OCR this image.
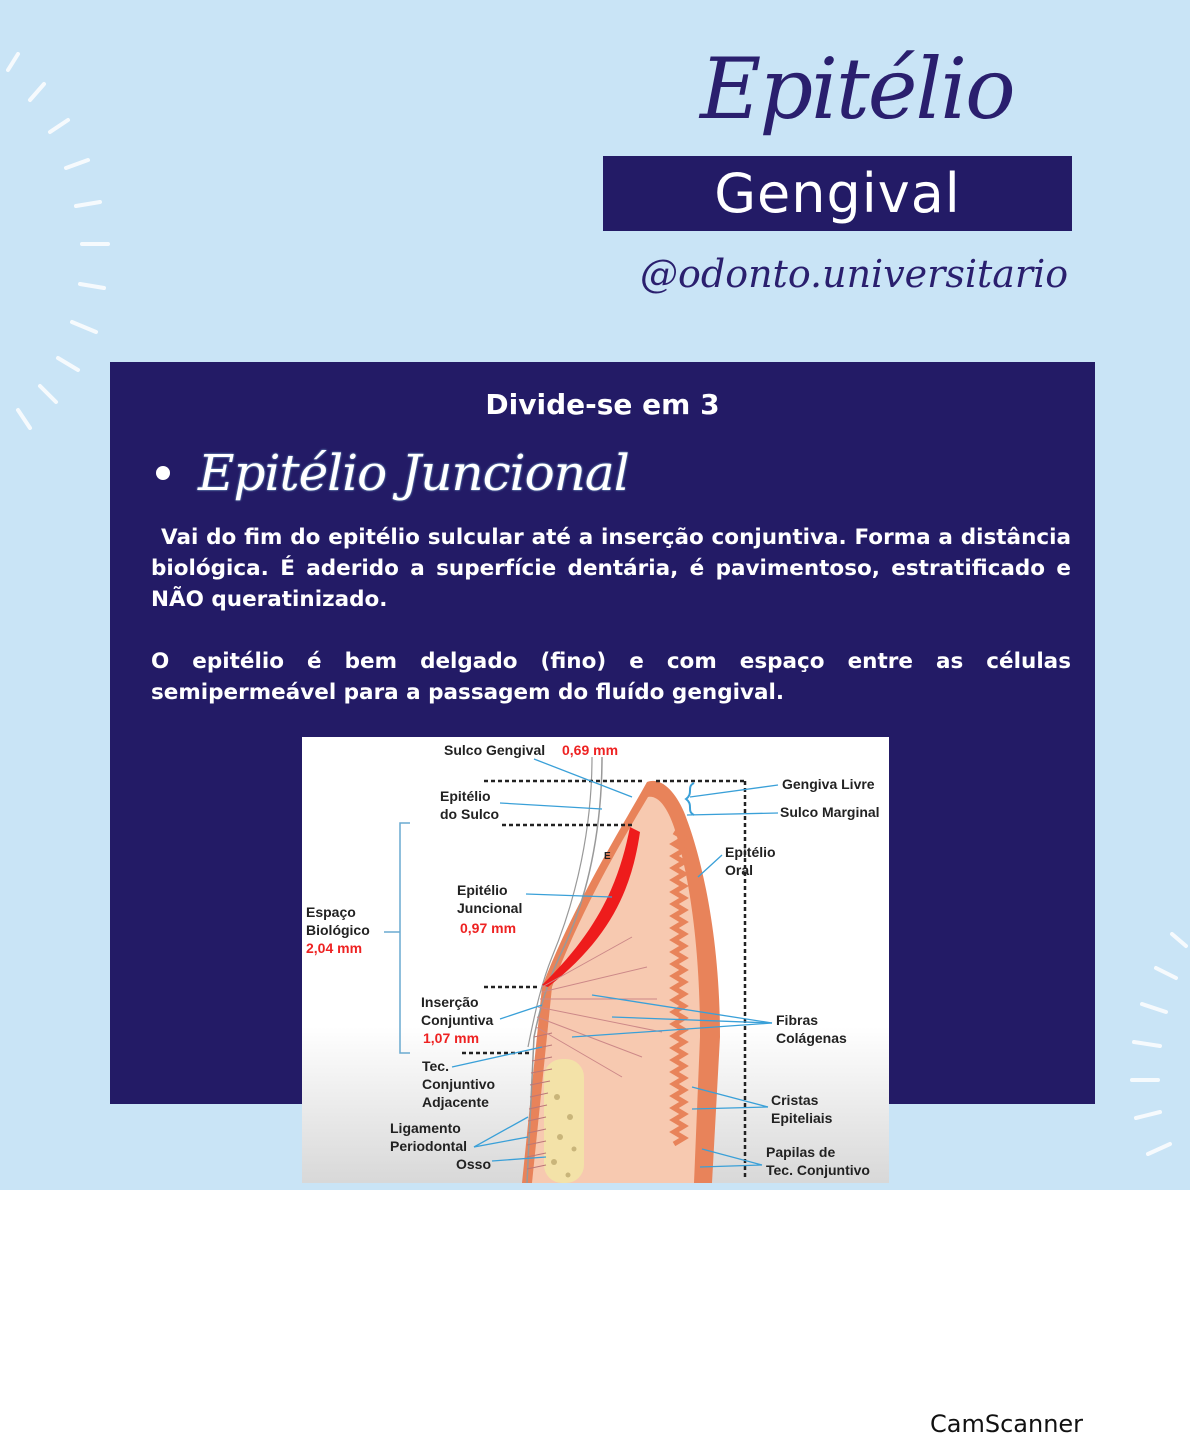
Epitélio
Gengival
@odonto.universitario
Divide-se em 3
Epitélio Juncional
Vai do fim do epitélio sulcular até a inserção conjuntiva. Forma a distância biológica. É aderido a superfície dentária, é pavimentoso, estratificado e NÃO queratinizado.
O epitélio é bem delgado (fino) e com espaço entre as células semipermeável para a passagem do fluído gengival.
Sulco Gengival 0,69 mm
Epitélio
do Sulco
Epitélio
Juncional
0,97 mm
Espaço
Biológico
2,04 mm
Inserção
Conjuntiva
1,07 mm
Tec.
Conjuntivo
Adjacente
Ligamento
Periodontal
Osso
E
Gengiva Livre
Sulco Marginal
Epitélio
Oral
Fibras
Colágenas
Cristas
Epiteliais
Papilas de
Tec. Conjuntivo
CamScanner
